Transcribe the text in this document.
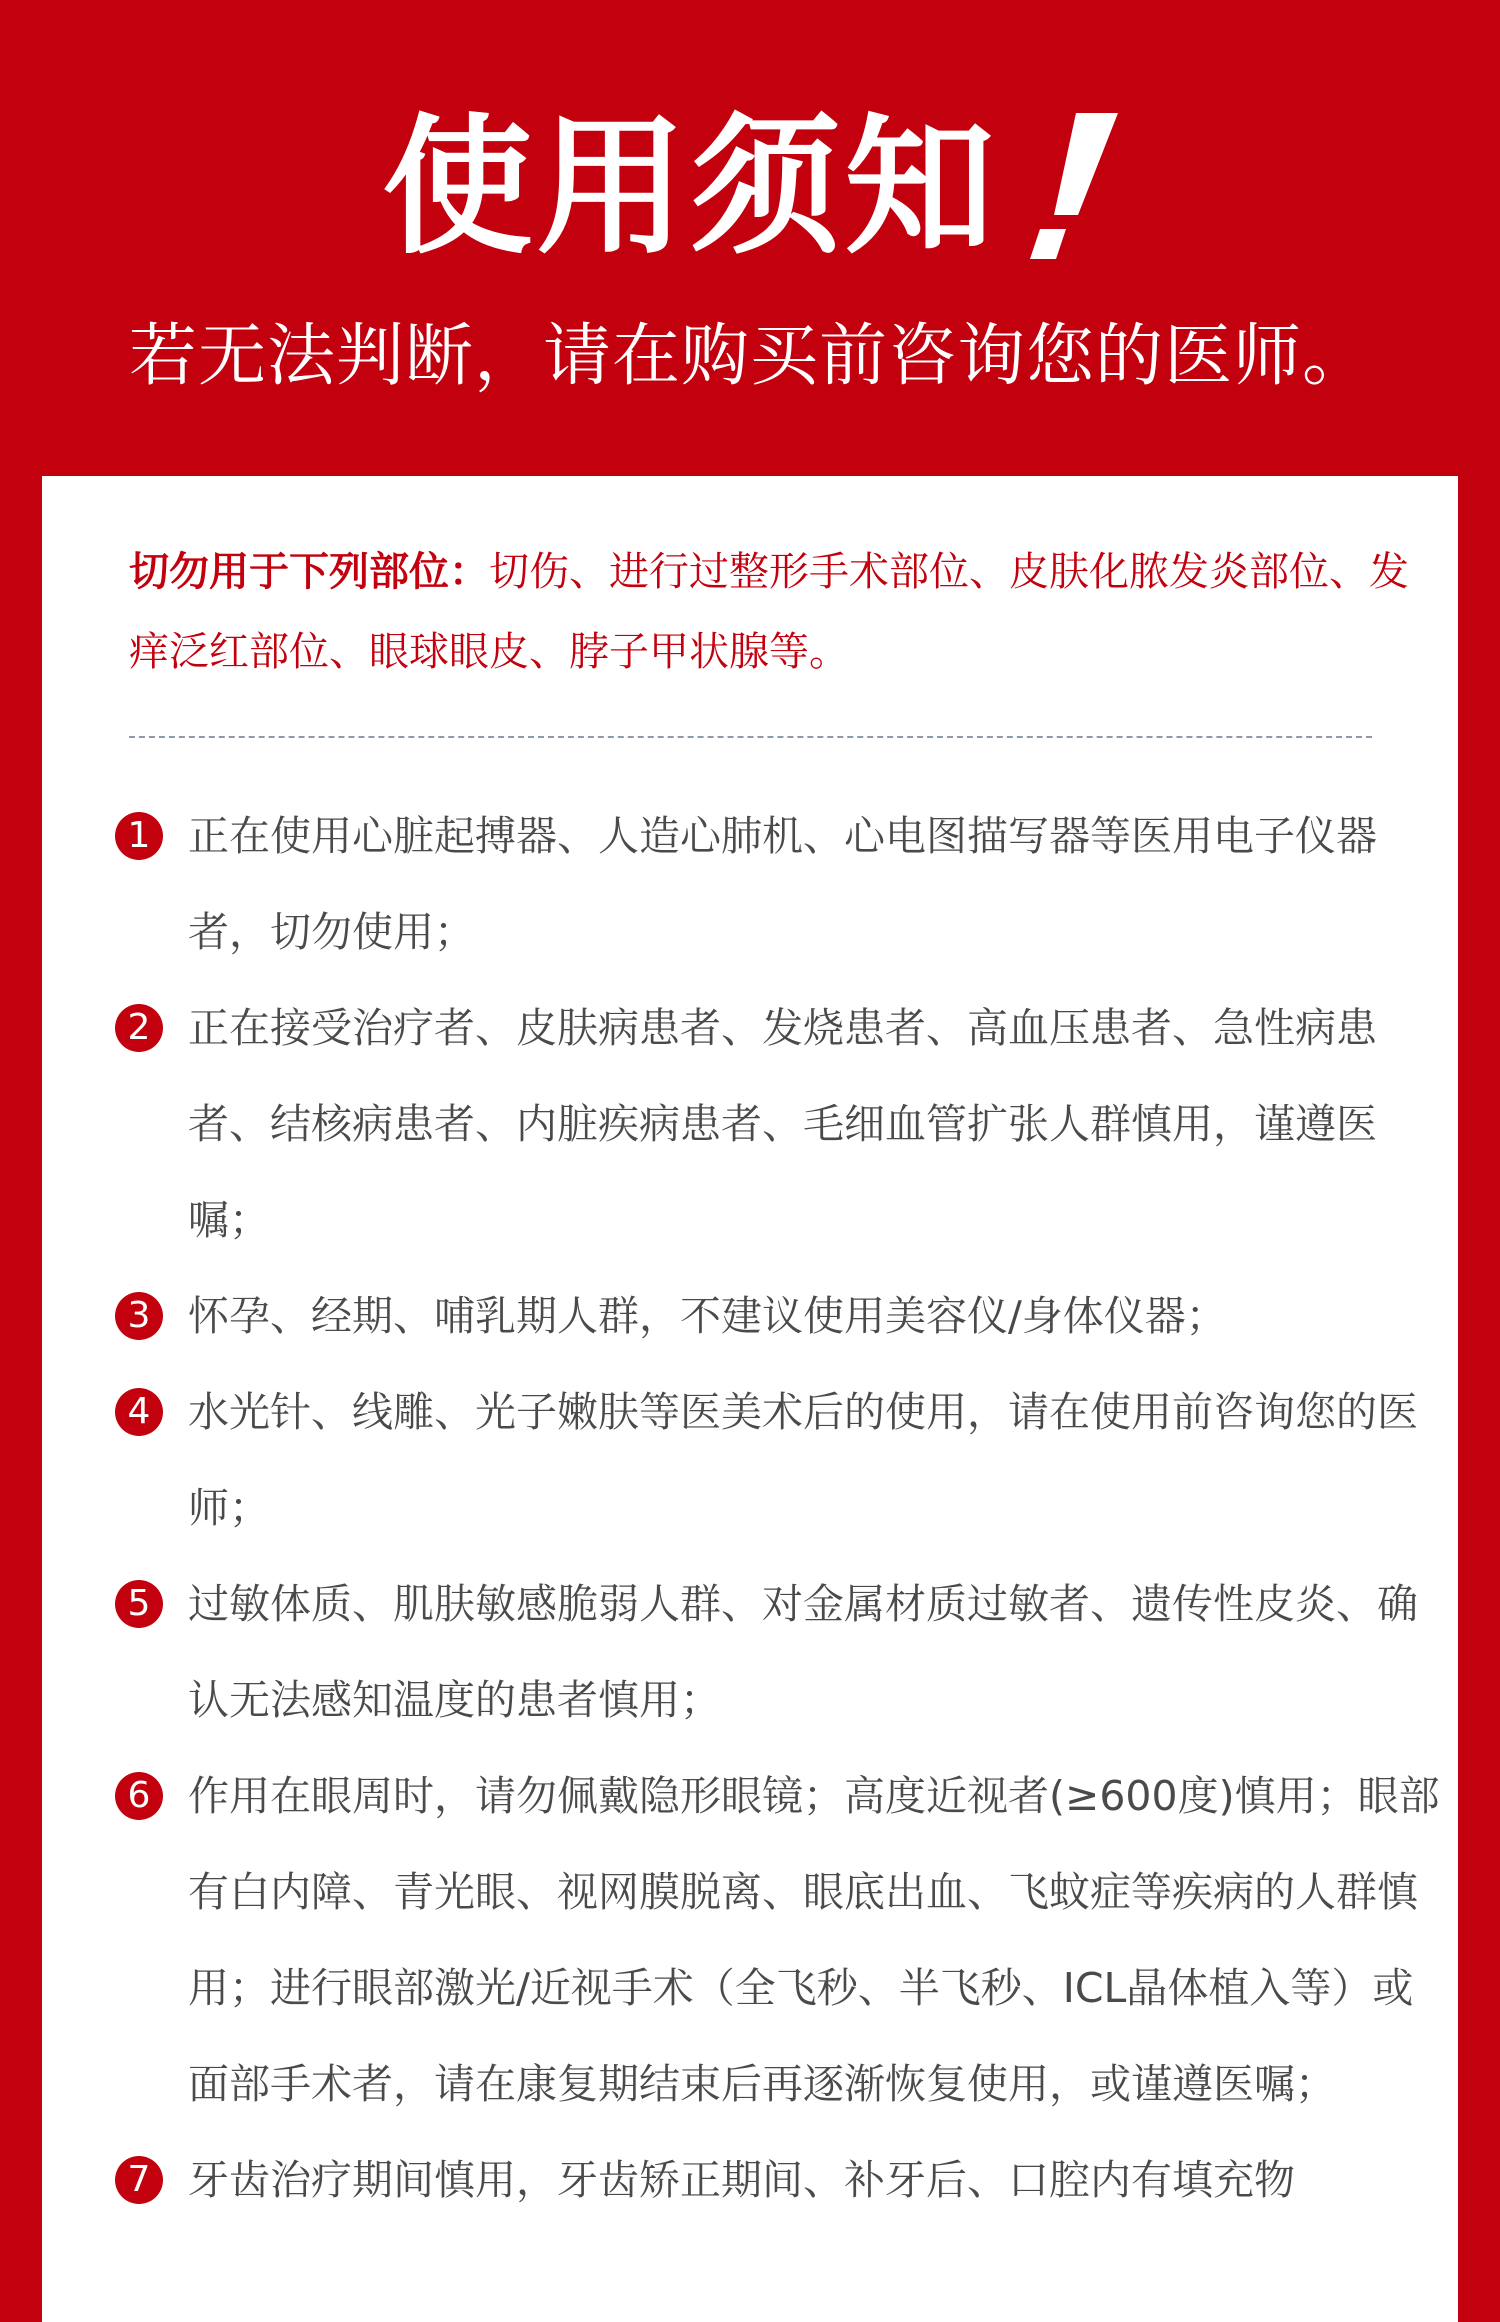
使用须知
若无法判断，请在购买前咨询您的医师。
切勿用于下列部位：切伤、进行过整形手术部位、皮肤化脓发炎部位、发痒泛红部位、眼球眼皮、脖子甲状腺等。
1 正在使用心脏起搏器、人造心肺机、心电图描写器等医用电子仪器者，切勿使用；
2 正在接受治疗者、皮肤病患者、发烧患者、高血压患者、急性病患者、结核病患者、内脏疾病患者、毛细血管扩张人群慎用，谨遵医嘱；
3 怀孕、经期、哺乳期人群，不建议使用美容仪/身体仪器；
4 水光针、线雕、光子嫩肤等医美术后的使用，请在使用前咨询您的医师；
5 过敏体质、肌肤敏感脆弱人群、对金属材质过敏者、遗传性皮炎、确认无法感知温度的患者慎用；
6 作用在眼周时，请勿佩戴隐形眼镜；高度近视者(≥600度)慎用；眼部有白内障、青光眼、视网膜脱离、眼底出血、飞蚊症等疾病的人群慎用；进行眼部激光/近视手术（全飞秒、半飞秒、ICL晶体植入等）或面部手术者，请在康复期结束后再逐渐恢复使用，或谨遵医嘱；
7 牙齿治疗期间慎用，牙齿矫正期间、补牙后、口腔内有填充物
